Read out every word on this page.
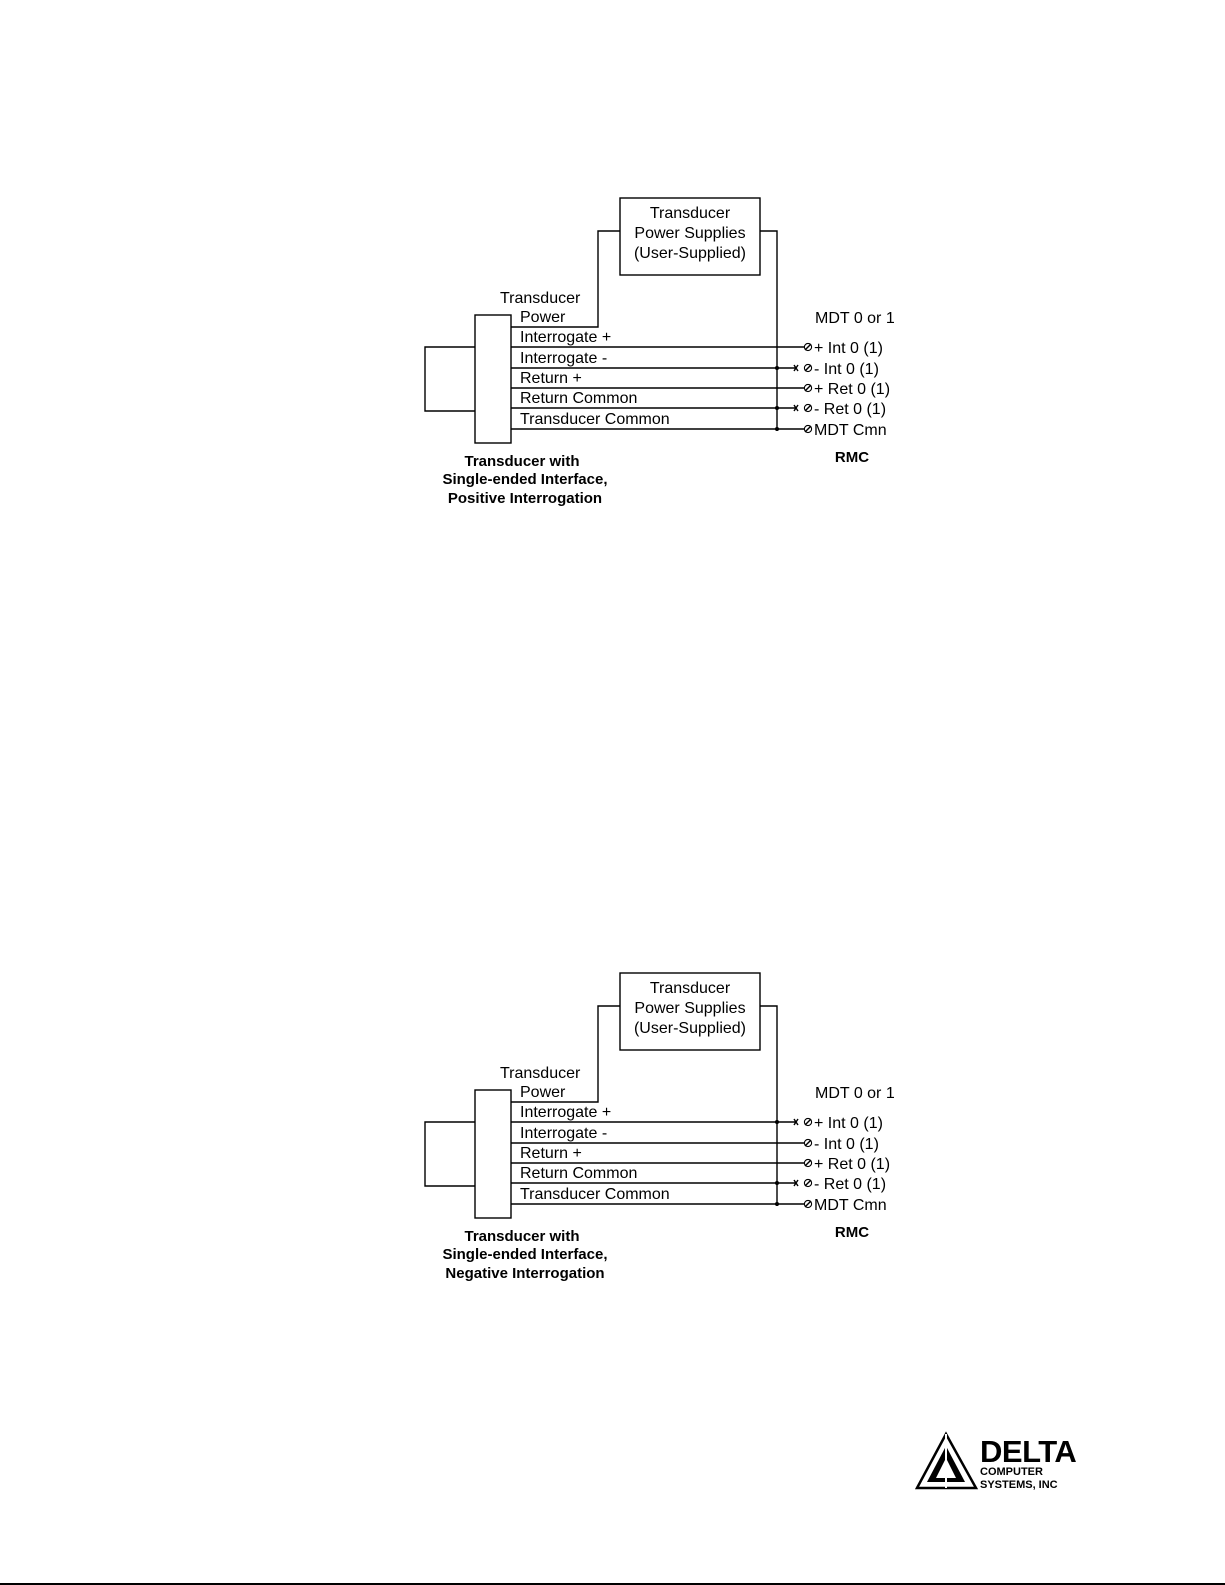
Transducer
Power Supplies
(User-Supplied)
Transducer
Power
Interrogate +
Interrogate -
Return +
Return Common
Transducer Common
MDT 0 or 1
+ Int 0 (1)
- Int 0 (1)
+ Ret 0 (1)
- Ret 0 (1)
MDT Cmn
RMC
Transducer with
Single-ended Interface,
Positive Interrogation
Transducer
Power Supplies
(User-Supplied)
Transducer
Power
Interrogate +
Interrogate -
Return +
Return Common
Transducer Common
MDT 0 or 1
+ Int 0 (1)
- Int 0 (1)
+ Ret 0 (1)
- Ret 0 (1)
MDT Cmn
RMC
Transducer with
Single-ended Interface,
Negative Interrogation
DELTA
COMPUTER
SYSTEMS, INC
